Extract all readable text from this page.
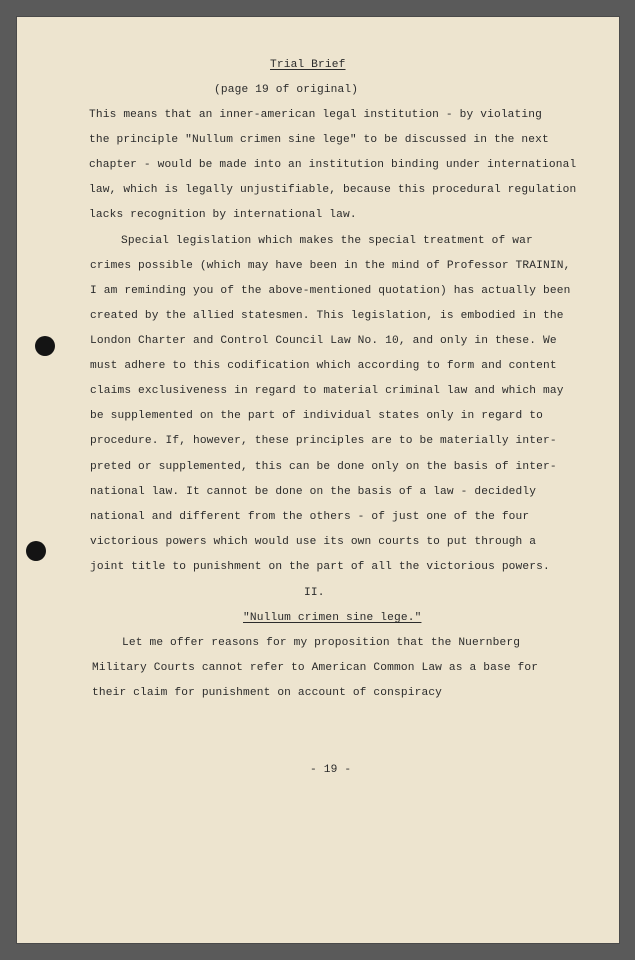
Trial Brief
(page 19 of original)
This means that an inner-american legal institution - by violating
the principle "Nullum crimen sine lege" to be discussed in the next
chapter - would be made into an institution binding under international
law, which is legally unjustifiable, because this procedural regulation
lacks recognition by international law.
Special legislation which makes the special treatment of war
crimes possible (which may have been in the mind of Professor TRAININ,
I am reminding you of the above-mentioned quotation) has actually been
created by the allied statesmen. This legislation, is embodied in the
London Charter and Control Council Law No. 10, and only in these. We
must adhere to this codification which according to form and content
claims exclusiveness in regard to material criminal law and which may
be supplemented on the part of individual states only in regard to
procedure. If, however, these principles are to be materially inter-
preted or supplemented, this can be done only on the basis of inter-
national law. It cannot be done on the basis of a law - decidedly
national and different from the others - of just one of the four
victorious powers which would use its own courts to put through a
joint title to punishment on the part of all the victorious powers.
II.
"Nullum crimen sine lege."
Let me offer reasons for my proposition that the Nuernberg
Military Courts cannot refer to American Common Law as a base for
their claim for punishment on account of conspiracy
- 19 -
